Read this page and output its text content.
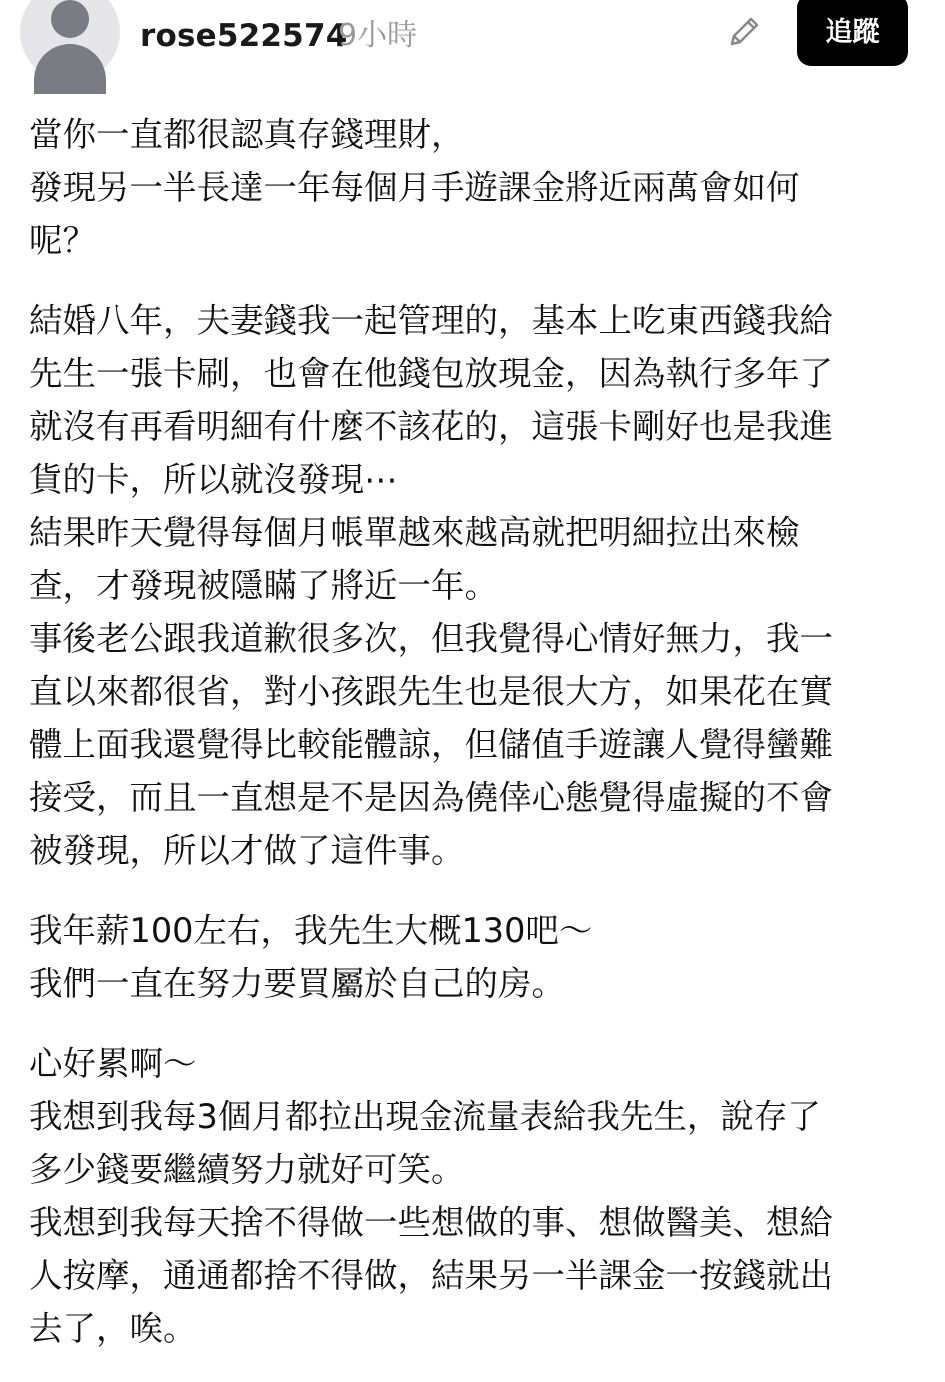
rose522574
9小時	追蹤
當你一直都很認真存錢理財，
發現另一半長達一年每個月手遊課金將近兩萬會如何
呢？
結婚八年，夫妻錢我一起管理的，基本上吃東西錢我給
先生一張卡刷，也會在他錢包放現金，因為執行多年了
就沒有再看明細有什麼不該花的，這張卡剛好也是我進
貨的卡，所以就沒發現⋯
結果昨天覺得每個月帳單越來越高就把明細拉出來檢
查，才發現被隱瞞了將近一年。
事後老公跟我道歉很多次，但我覺得心情好無力，我一
直以來都很省，對小孩跟先生也是很大方，如果花在實
體上面我還覺得比較能體諒，但儲值手遊讓人覺得蠻難
接受，而且一直想是不是因為僥倖心態覺得虛擬的不會
被發現，所以才做了這件事。
我年薪100左右，我先生大概130吧～
我們一直在努力要買屬於自己的房。
心好累啊～
我想到我每3個月都拉出現金流量表給我先生，說存了
多少錢要繼續努力就好可笑。
我想到我每天捨不得做一些想做的事、想做醫美、想給
人按摩，通通都捨不得做，結果另一半課金一按錢就出
去了，唉。
